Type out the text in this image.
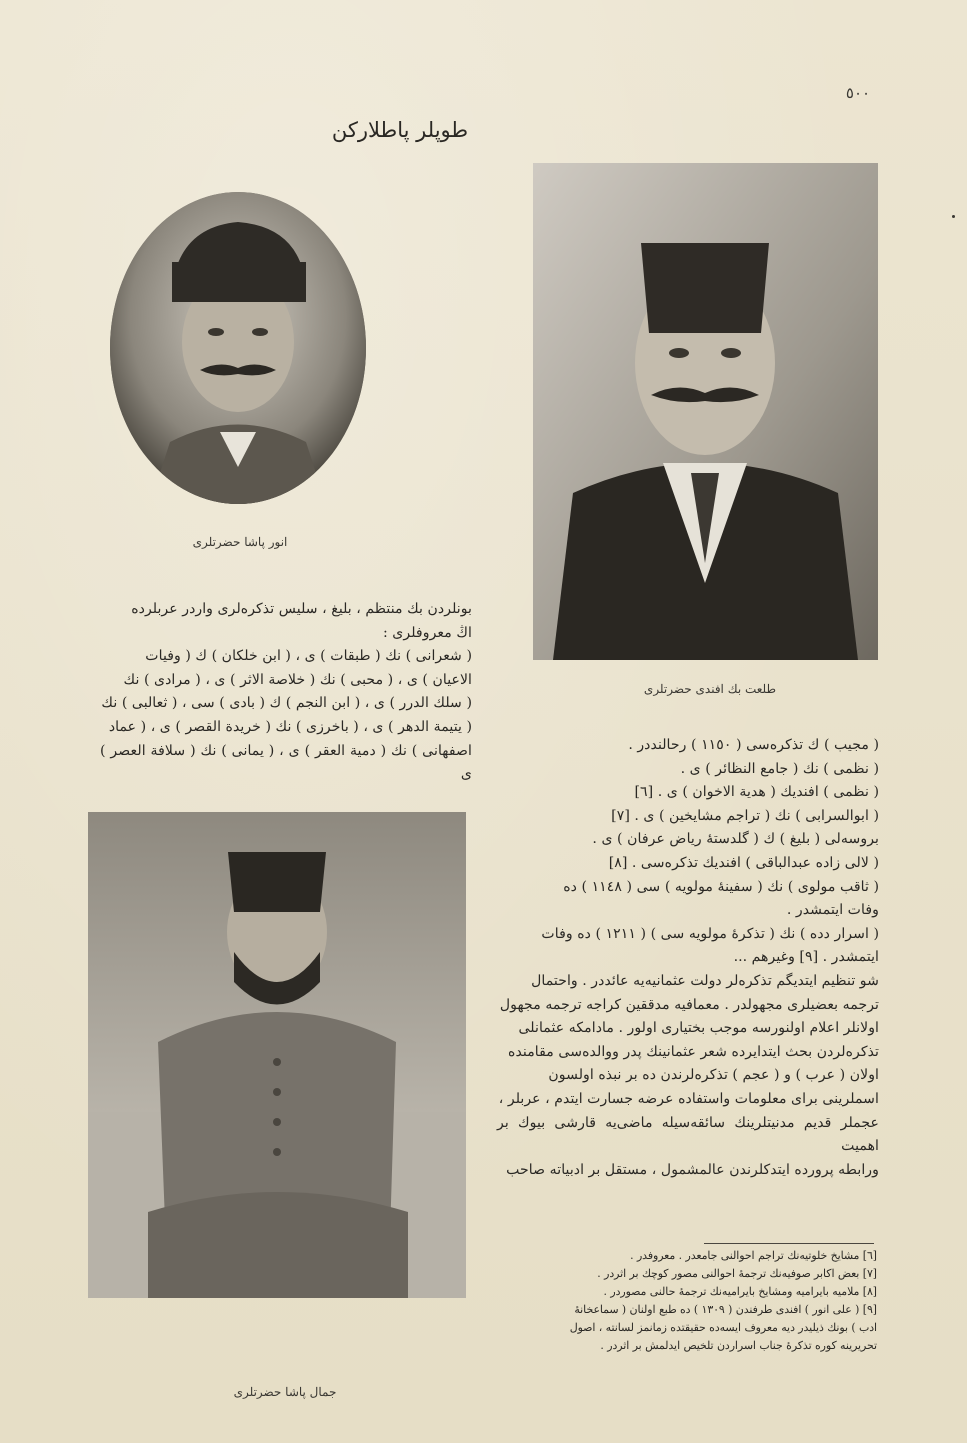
٥٠٠
طوپلر پاطلاركن
انور پاشا حضرتلری
طلعت بك افندی حضرتلری

بونلردن بك منتظم ، بليغ ، سليس تذكره‌لری واردر عربلرده

اڭ معروفلری :

( شعرانی ) نك ( طبقات ) ی ، ( ابن خلكان ) ك ( وفيات

الاعيان ) ی ، ( محبی ) نك ( خلاصة الاثر ) ی ، ( مرادی ) نك

( سلك الدرر ) ی ، ( ابن النجم ) ك ( بادی ) سی ، ( ثعالبی ) نك

( يتيمة الدهر ) ی ، ( باخرزی ) نك ( خريدة القصر ) ی ، ( عماد

اصفهانی ) نك ( دمية العقر ) ی ، ( يمانی ) نك ( سلافة العصر ) ی

جمال پاشا حضرتلری

( مجيب ) ك تذكره‌سی ( ١١٥٠ ) رحالنددر .

( نظمی ) نك ( جامع النظائر ) ی .

( نظمی ) افنديك ( هدية الاخوان ) ی . [٦]

( ابوالسرابی ) نك ( تراجم مشايخين ) ی . [٧]

بروسه‌لی ( بليغ ) ك ( گلدستهٔ رياض عرفان ) ی .

( لالی زاده عبدالباقی ) افنديك تذكره‌سی . [٨]

( ثاقب مولوی ) نك ( سفينهٔ مولويه ) سی ( ١١٤٨ ) ده

وفات ايتمشدر .

( اسرار دده ) نك ( تذكرهٔ مولويه سی ) ( ١٢١١ ) ده وفات

ايتمشدر . [٩] وغيرهم ...

شو تنظيم ايتديگم تذكره‌لر دولت عثمانيه‌يه عائددر . واحتمال

ترجمه بعضيلری مجهولدر . معمافيه مدققين كراجه ترجمه مجهول

اولانلر اعلام اولنورسه موجب بختياری اولور . مادامكه عثمانلی

تذكره‌لردن بحث ايتدايرده شعر عثمانينك پدر ووالده‌سی مقامنده

اولان ( عرب ) و ( عجم ) تذكره‌لرندن ده بر نبذه اولسون

اسملرينی برای معلومات واستفاده عرضه جسارت ايتدم ، عربلر ،

عجملر قديم مدنيتلرينك سائقه‌سيله ماضی‌يه قارشی بيوك بر اهميت

ورابطه پرورده ايتدكلرندن عالمشمول ، مستقل بر ادبياته صاحب

[٦] مشايخ خلوتيه‌نك تراجم احوالنی جامعدر . معروفدر .

[٧] بعض اكابر صوفيه‌نك ترجمهٔ احوالنی مصور كوچك بر اثردر .

[٨] ملاميه بايراميه ومشايخ بايراميه‌نك ترجمهٔ حالنی مصوردر .

[٩] ( علی انور ) افندی طرفندن ( ١٣٠٩ ) ده طبع اولنان ( سماعخانهٔ

ادب ) بونك ذيليدر ديه معروف ايسه‌ده حقيقتده زمانمز لسانته ، اصول

تحريرينه كوره تذكرهٔ جناب اسراردن تلخيص ايدلمش بر اثردر .
